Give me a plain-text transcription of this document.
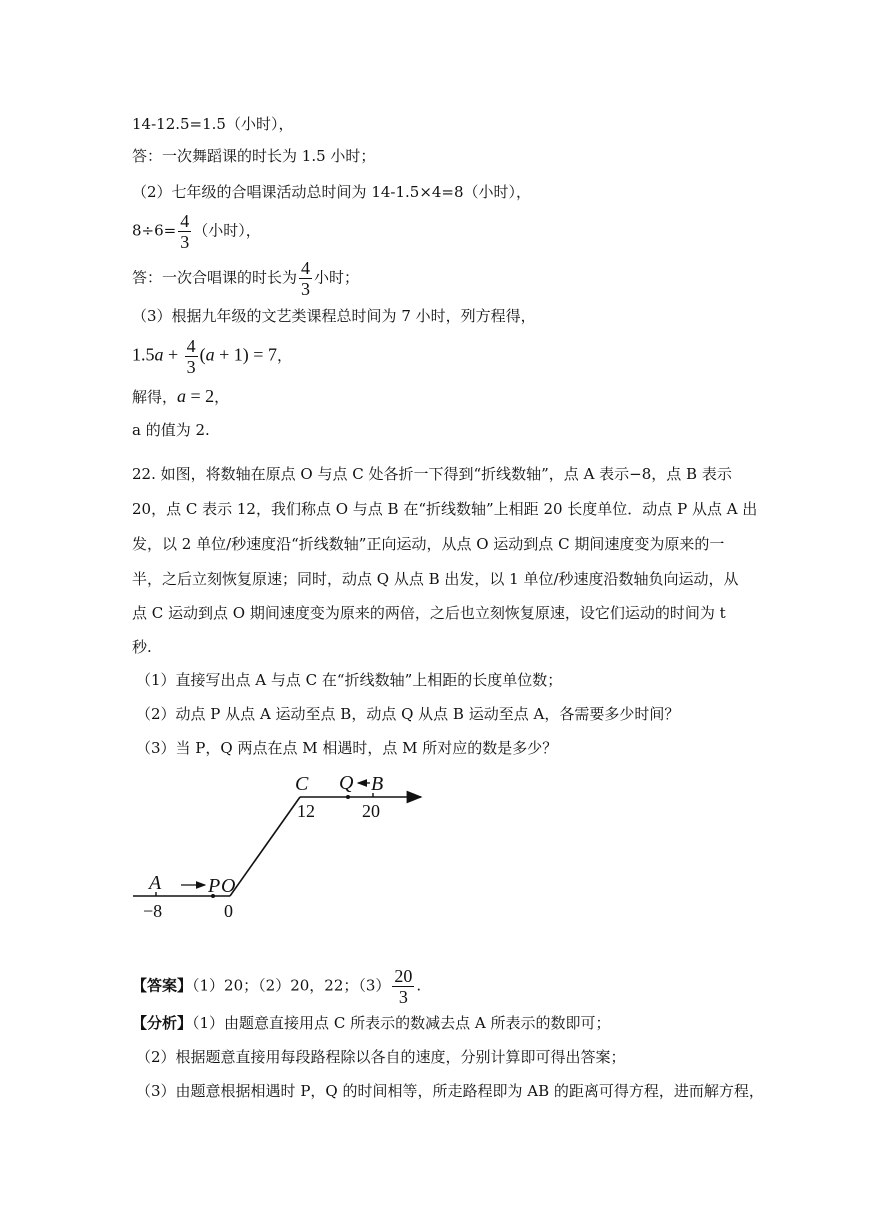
14-12.5=1.5（小时），
答：一次舞蹈课的时长为 1.5 小时；
（2）七年级的合唱课活动总时间为 14-1.5×4=8（小时），
$8\div 6= \frac{4}{3}$ （小时），
答：一次合唱课的时长为 $\frac{4}{3}$ 小时；
（3）根据九年级的文艺类课程总时间为 7 小时，列方程得，
$1.5a + \frac{4}{3} (a + 1) = 7$，
解得，a = 2，
a 的值为 2.
22. 如图，将数轴在原点 O 与点 C 处各折一下得到“折线数轴”，点 A 表示−8，点 B 表示
20，点 C 表示 12，我们称点 O 与点 B 在“折线数轴”上相距 20 长度单位．动点 P 从点 A 出
发，以 2 单位/秒速度沿“折线数轴”正向运动，从点 O 运动到点 C 期间速度变为原来的一
半，之后立刻恢复原速；同时，动点 Q 从点 B 出发，以 1 单位/秒速度沿数轴负向运动，从
点 C 运动到点 O 期间速度变为原来的两倍，之后也立刻恢复原速，设它们运动的时间为 t
秒.
（1）直接写出点 A 与点 C 在“折线数轴”上相距的长度单位数；
（2）动点 P 从点 A 运动至点 B，动点 Q 从点 B 运动至点 A，各需要多少时间？
（3）当 P，Q 两点在点 M 相遇时，点 M 所对应的数是多少？
C Q B
12	20
A P O
−8	0
【答案】（1）20；（2）20，22；$(3) \frac{20}{3}$ .
【分析】（1）由题意直接用点 C 所表示的数减去点 A 所表示的数即可；
（2）根据题意直接用每段路程除以各自的速度，分别计算即可得出答案；
（3）由题意根据相遇时 P，Q 的时间相等，所走路程即为 AB 的距离可得方程，进而解方程，
